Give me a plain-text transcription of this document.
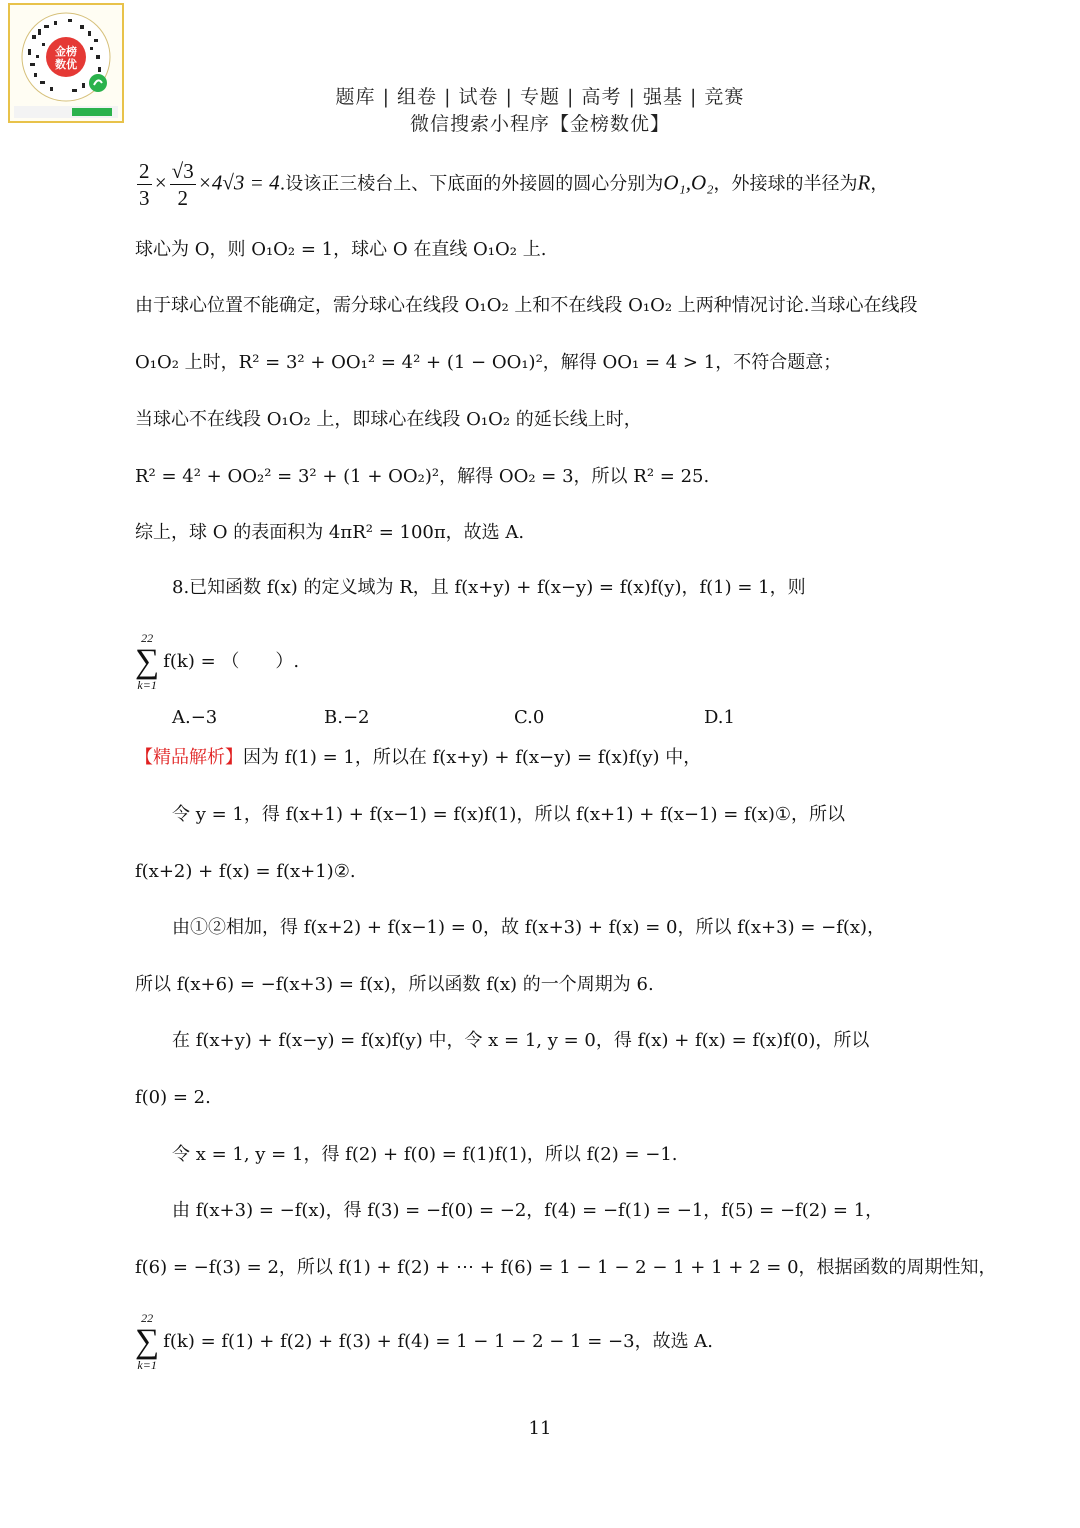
金榜
数优
题库 | 组卷 | 试卷 | 专题 | 高考 | 强基 | 竞赛
微信搜索小程序【金榜数优】
$\frac{2}{3} \times \frac{√3}{2} \times 4√3 = 4$.设该正三棱台上、下底面的外接圆的圆心分别为O₁,O₂，外接球的半径为R，
球心为 O，则 O₁O₂ = 1，球心 O 在直线 O₁O₂ 上.
由于球心位置不能确定，需分球心在线段 O₁O₂ 上和不在线段 O₁O₂ 上两种情况讨论.当球心在线段
O₁O₂ 上时，R² = 3² + OO₁² = 4² + (1 − OO₁)²，解得 OO₁ = 4 > 1，不符合题意；
当球心不在线段 O₁O₂ 上，即球心在线段 O₁O₂ 的延长线上时，
R² = 4² + OO₂² = 3² + (1 + OO₂)²，解得 OO₂ = 3，所以 R² = 25.
综上，球 O 的表面积为 4πR² = 100π，故选 A.
8.已知函数 f(x) 的定义域为 R，且 f(x+y) + f(x−y) = f(x)f(y)，f(1) = 1，则
22
∑
k=1
f(k) = （　　）.
A.−3	B.−2	C.0	D.1
【精品解析】因为 f(1) = 1，所以在 f(x+y) + f(x−y) = f(x)f(y) 中，
令 y = 1，得 f(x+1) + f(x−1) = f(x)f(1)，所以 f(x+1) + f(x−1) = f(x)①，所以
f(x+2) + f(x) = f(x+1)②.
由①②相加，得 f(x+2) + f(x−1) = 0，故 f(x+3) + f(x) = 0，所以 f(x+3) = −f(x)，
所以 f(x+6) = −f(x+3) = f(x)，所以函数 f(x) 的一个周期为 6.
在 f(x+y) + f(x−y) = f(x)f(y) 中，令 x = 1, y = 0，得 f(x) + f(x) = f(x)f(0)，所以
f(0) = 2.
令 x = 1, y = 1，得 f(2) + f(0) = f(1)f(1)，所以 f(2) = −1.
由 f(x+3) = −f(x)，得 f(3) = −f(0) = −2，f(4) = −f(1) = −1，f(5) = −f(2) = 1，
f(6) = −f(3) = 2，所以 f(1) + f(2) + ⋯ + f(6) = 1 − 1 − 2 − 1 + 1 + 2 = 0，根据函数的周期性知，
22
∑
k=1
f(k) = f(1) + f(2) + f(3) + f(4) = 1 − 1 − 2 − 1 = −3，故选 A.
11
